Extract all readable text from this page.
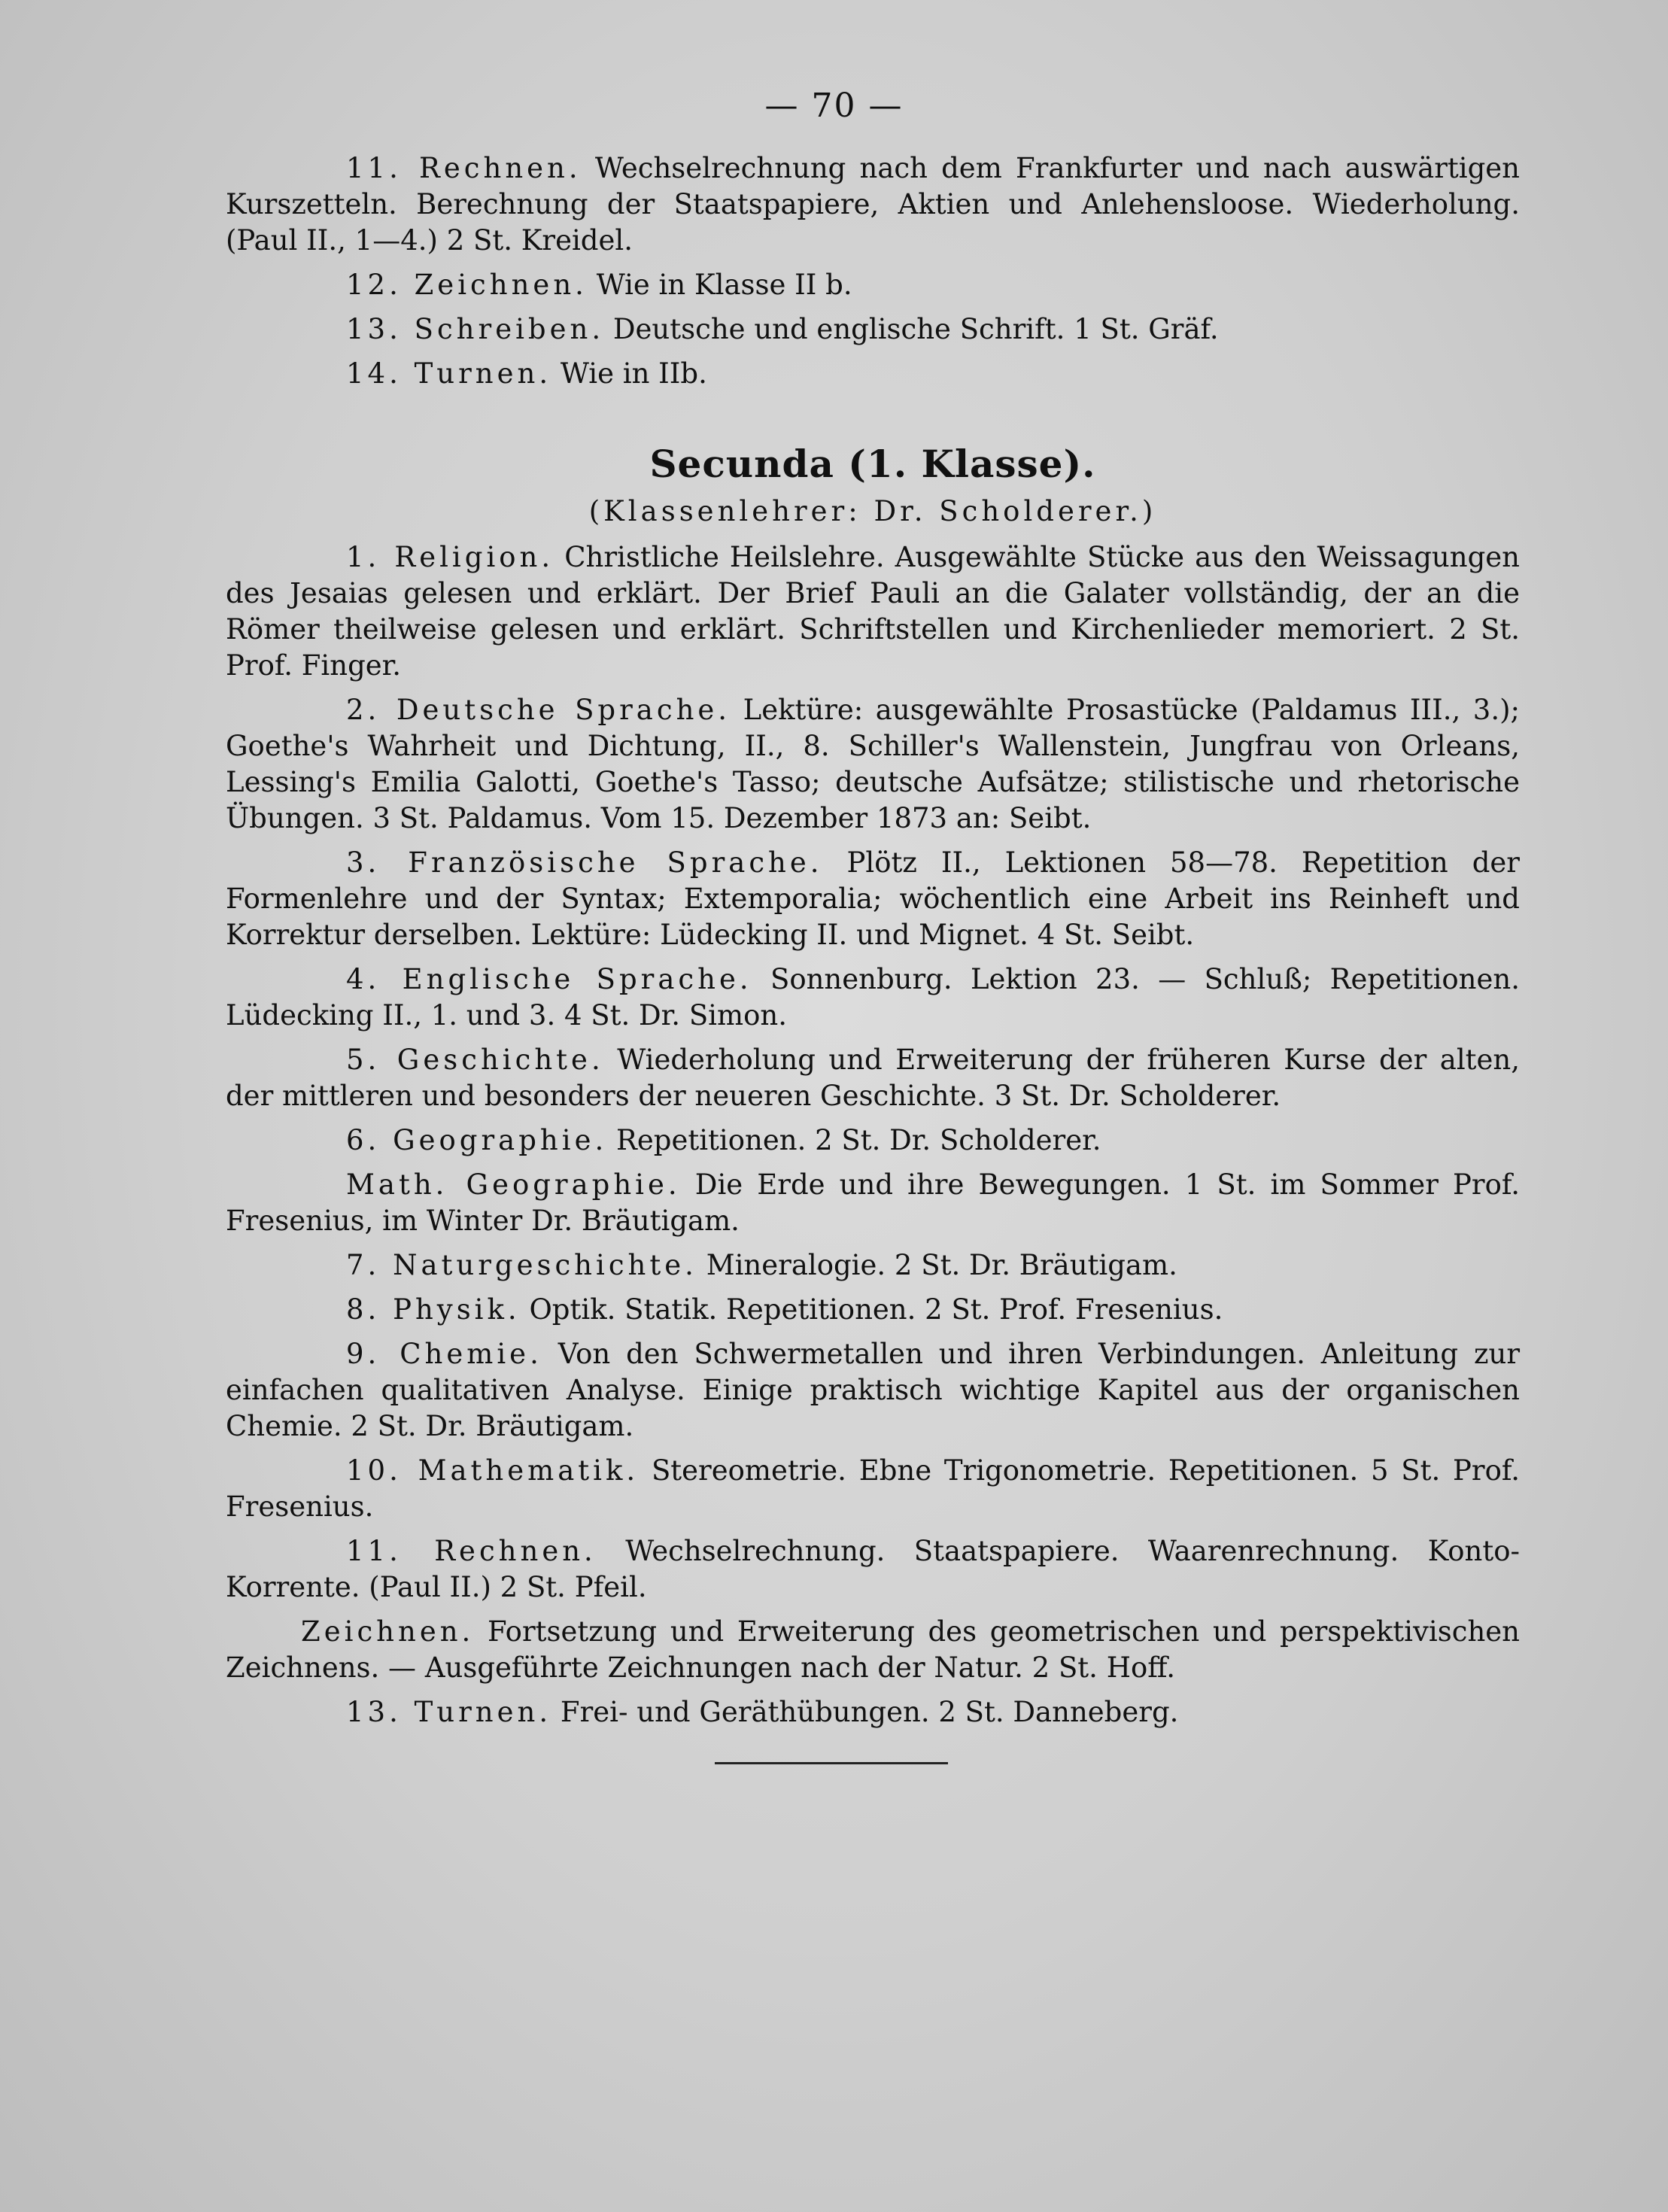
— 70 —

11. Rechnen. Wechselrechnung nach dem Frankfurter und nach auswärtigen Kurszetteln. Berechnung der Staatspapiere, Aktien und Anlehensloose. Wiederholung. (Paul II., 1—4.) 2 St. Kreidel.

12. Zeichnen. Wie in Klasse II b.

13. Schreiben. Deutsche und englische Schrift. 1 St. Gräf.

14. Turnen. Wie in IIb.

Secunda (1. Klasse).
(Klassenlehrer: Dr. Scholderer.)

1. Religion. Christliche Heilslehre. Ausgewählte Stücke aus den Weissagungen des Jesaias gelesen und erklärt. Der Brief Pauli an die Galater vollständig, der an die Römer theilweise gelesen und erklärt. Schriftstellen und Kirchenlieder memoriert. 2 St. Prof. Finger.

2. Deutsche Sprache. Lektüre: ausgewählte Prosastücke (Paldamus III., 3.); Goethe's Wahrheit und Dichtung, II., 8. Schiller's Wallenstein, Jungfrau von Orleans, Lessing's Emilia Galotti, Goethe's Tasso; deutsche Aufsätze; stilistische und rhetorische Übungen. 3 St. Paldamus. Vom 15. Dezember 1873 an: Seibt.

3. Französische Sprache. Plötz II., Lektionen 58—78. Repetition der Formenlehre und der Syntax; Extemporalia; wöchentlich eine Arbeit ins Reinheft und Korrektur derselben. Lektüre: Lüdecking II. und Mignet. 4 St. Seibt.

4. Englische Sprache. Sonnenburg. Lektion 23. — Schluß; Repetitionen. Lüdecking II., 1. und 3. 4 St. Dr. Simon.

5. Geschichte. Wiederholung und Erweiterung der früheren Kurse der alten, der mittleren und besonders der neueren Geschichte. 3 St. Dr. Scholderer.

6. Geographie. Repetitionen. 2 St. Dr. Scholderer.

Math. Geographie. Die Erde und ihre Bewegungen. 1 St. im Sommer Prof. Fresenius, im Winter Dr. Bräutigam.

7. Naturgeschichte. Mineralogie. 2 St. Dr. Bräutigam.

8. Physik. Optik. Statik. Repetitionen. 2 St. Prof. Fresenius.

9. Chemie. Von den Schwermetallen und ihren Verbindungen. Anleitung zur einfachen qualitativen Analyse. Einige praktisch wichtige Kapitel aus der organischen Chemie. 2 St. Dr. Bräutigam.

10. Mathematik. Stereometrie. Ebne Trigonometrie. Repetitionen. 5 St. Prof. Fresenius.

11. Rechnen. Wechselrechnung. Staatspapiere. Waarenrechnung. Konto-Korrente. (Paul II.) 2 St. Pfeil.

Zeichnen. Fortsetzung und Erweiterung des geometrischen und perspektivischen Zeichnens. — Ausgeführte Zeichnungen nach der Natur. 2 St. Hoff.

13. Turnen. Frei- und Geräthübungen. 2 St. Danneberg.
